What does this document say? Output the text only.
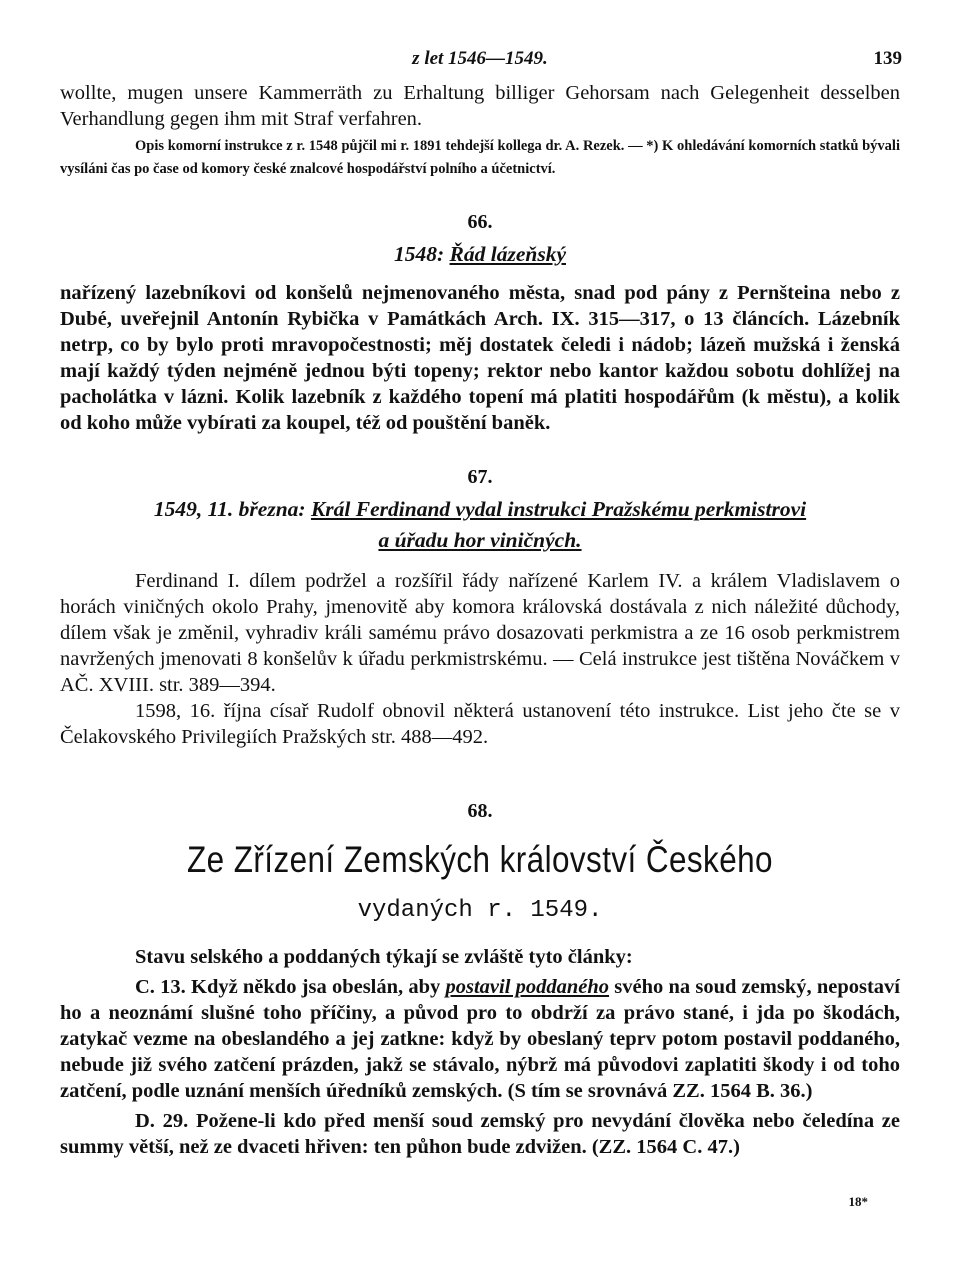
z let 1546—1549.	139

wollte, mugen unsere Kammerräth zu Erhaltung billiger Gehorsam nach Gelegenheit desselben Verhandlung gegen ihm mit Straf verfahren.

Opis komorní instrukce z r. 1548 půjčil mi r. 1891 tehdejší kollega dr. A. Rezek. — *) K ohledávání komorních statků bývali vysíláni čas po čase od komory české znalcové hospodářství polního a účetnictví.

66.
1548: Řád lázeňský

nařízený lazebníkovi od konšelů nejmenovaného města, snad pod pány z Pernšteina nebo z Dubé, uveřejnil Antonín Rybička v Památkách Arch. IX. 315—317, o 13 článcích. Lázebník netrp, co by bylo proti mravopočestnosti; měj dostatek čeledi i nádob; lázeň mužská i ženská mají každý týden nejméně jednou býti topeny; rektor nebo kantor každou sobotu dohlížej na pacholátka v lázni. Kolik lazebník z každého topení má platiti hospodářům (k městu), a kolik od koho může vybírati za koupel, též od pouštění baněk.

67.
1549, 11. března: Král Ferdinand vydal instrukci Pražskému perkmistrovi
a úřadu hor viničných.

Ferdinand I. dílem podržel a rozšířil řády nařízené Karlem IV. a králem Vladislavem o horách viničných okolo Prahy, jmenovitě aby komora královská dostávala z nich náležité důchody, dílem však je změnil, vyhradiv králi samému právo dosazovati perkmistra a ze 16 osob perkmistrem navržených jmenovati 8 konšelův k úřadu perkmistrskému. — Celá instrukce jest tištěna Nováčkem v AČ. XVIII. str. 389—394.

1598, 16. října císař Rudolf obnovil některá ustanovení této instrukce. List jeho čte se v Čelakovského Privilegiích Pražských str. 488—492.

68.
Ze Zřízení Zemských království Českého
vydaných r. 1549.

Stavu selského a poddaných týkají se zvláště tyto články:

C. 13. Když někdo jsa obeslán, aby postavil poddaného svého na soud zemský, nepostaví ho a neoznámí slušné toho příčiny, a původ pro to obdrží za právo stané, i jda po škodách, zatykač vezme na obeslandého a jej zatkne: když by obeslaný teprv potom postavil poddaného, nebude již svého zatčení prázden, jakž se stávalo, nýbrž má původovi zaplatiti škody i od toho zatčení, podle uznání menších úředníků zemských. (S tím se srovnává ZZ. 1564 B. 36.)

D. 29. Požene-li kdo před menší soud zemský pro nevydání člověka nebo čeledína ze summy větší, než ze dvaceti hřiven: ten půhon bude zdvižen. (ZZ. 1564 C. 47.)

18*
